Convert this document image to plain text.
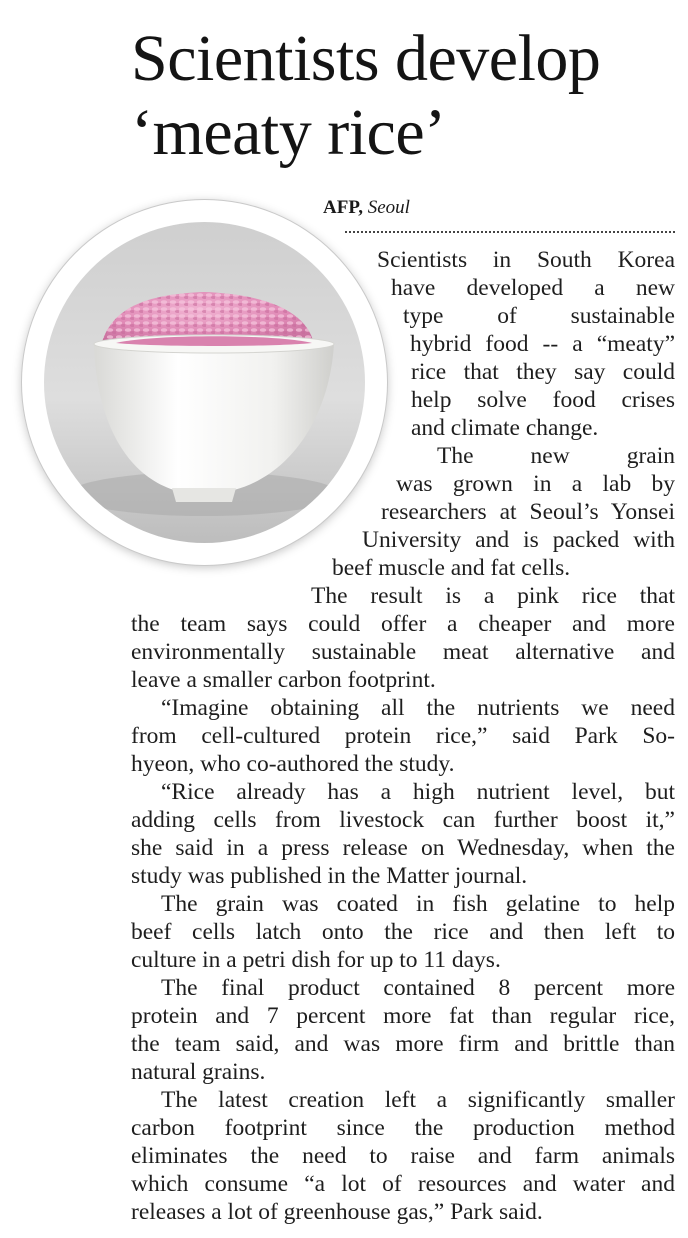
Scientists develop
‘meaty rice’
AFP, Seoul
Scientists in South Korea
have developed a new
type of sustainable
hybrid food -- a “meaty”
rice that they say could
help solve food crises
and climate change.
The new grain
was grown in a lab by
researchers at Seoul’s Yonsei
University and is packed with
beef muscle and fat cells.
The result is a pink rice that
the team says could offer a cheaper and more
environmentally sustainable meat alternative and
leave a smaller carbon footprint.
“Imagine obtaining all the nutrients we need
from cell-cultured protein rice,” said Park So-
hyeon, who co-authored the study.
“Rice already has a high nutrient level, but
adding cells from livestock can further boost it,”
she said in a press release on Wednesday, when the
study was published in the Matter journal.
The grain was coated in fish gelatine to help
beef cells latch onto the rice and then left to
culture in a petri dish for up to 11 days.
The final product contained 8 percent more
protein and 7 percent more fat than regular rice,
the team said, and was more firm and brittle than
natural grains.
The latest creation left a significantly smaller
carbon footprint since the production method
eliminates the need to raise and farm animals
which consume “a lot of resources and water and
releases a lot of greenhouse gas,” Park said.
